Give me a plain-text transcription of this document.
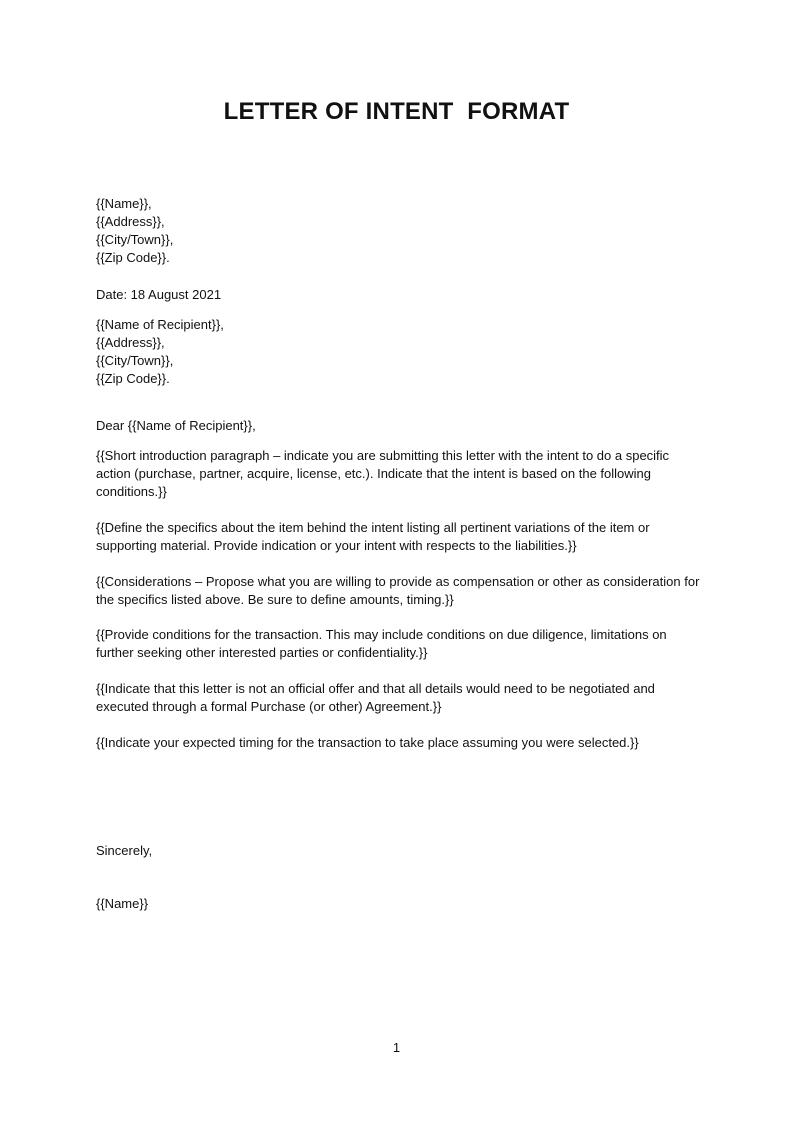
LETTER OF INTENT  FORMAT
{{Name}},
{{Address}},
{{City/Town}},
{{Zip Code}}.
Date: 18 August 2021
{{Name of Recipient}},
{{Address}},
{{City/Town}},
{{Zip Code}}.
Dear {{Name of Recipient}},

{{Short introduction paragraph – indicate you are submitting this letter with the intent to do a specific action (purchase, partner, acquire, license, etc.). Indicate that the intent is based on the following conditions.}}

{{Define the specifics about the item behind the intent listing all pertinent variations of the item or supporting material. Provide indication or your intent with respects to the liabilities.}}

{{Considerations – Propose what you are willing to provide as compensation or other as consideration for the specifics listed above. Be sure to define amounts, timing.}}

{{Provide conditions for the transaction. This may include conditions on due diligence, limitations on further seeking other interested parties or confidentiality.}}

{{Indicate that this letter is not an official offer and that all details would need to be negotiated and executed through a formal Purchase (or other) Agreement.}}

{{Indicate your expected timing for the transaction to take place assuming you were selected.}}

Sincerely,
{{Name}}
1
